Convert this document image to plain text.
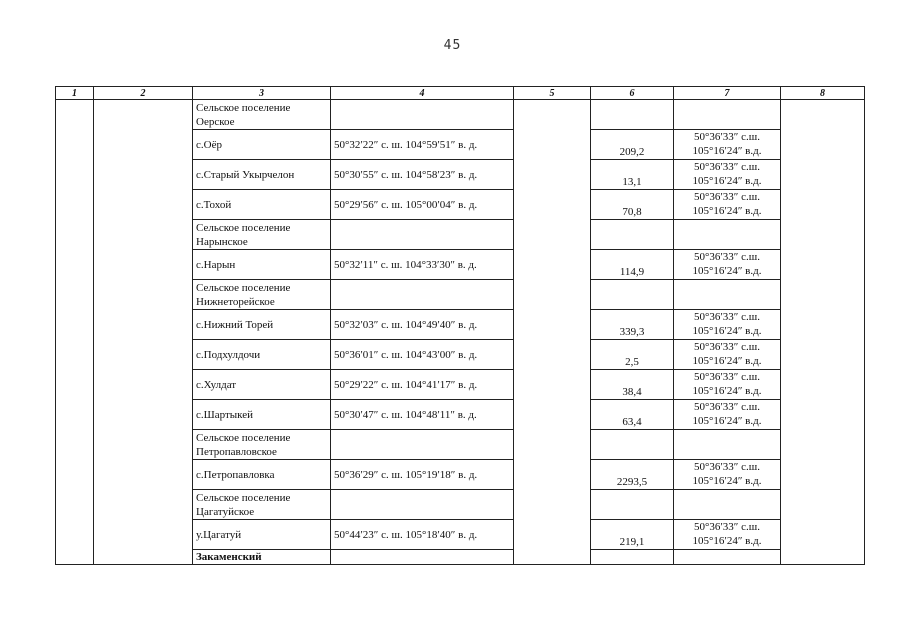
45
1	2	3	4	5	6	7	8
		Сельское поселение Оерское					
		с.Оёр	50°32′22″ с. ш. 104°59′51″ в. д.		209,2	50°36′33″ с.ш.
105°16′24″ в.д.	

		с.Старый Укырчелон	50°30′55″ с. ш. 104°58′23″ в. д.		13,1	50°36′33″ с.ш.
105°16′24″ в.д.	

		с.Тохой	50°29′56″ с. ш. 105°00′04″ в. д.		70,8	50°36′33″ с.ш.
105°16′24″ в.д.	

		Сельское поселение Нарынское					
		с.Нарын	50°32′11″ с. ш. 104°33′30″ в. д.		114,9	50°36′33″ с.ш.
105°16′24″ в.д.	

		Сельское поселение Нижнеторейское					
		с.Нижний Торей	50°32′03″ с. ш. 104°49′40″ в. д.		339,3	50°36′33″ с.ш.
105°16′24″ в.д.	

		с.Подхулдочи	50°36′01″ с. ш. 104°43′00″ в. д.		2,5	50°36′33″ с.ш.
105°16′24″ в.д.	

		с.Хулдат	50°29′22″ с. ш. 104°41′17″ в. д.		38,4	50°36′33″ с.ш.
105°16′24″ в.д.	

		с.Шартыкей	50°30′47″ с. ш. 104°48′11″ в. д.		63,4	50°36′33″ с.ш.
105°16′24″ в.д.	

		Сельское поселение Петропавловское					
		с.Петропавловка	50°36′29″ с. ш. 105°19′18″ в. д.		2293,5	50°36′33″ с.ш.
105°16′24″ в.д.	

		Сельское поселение Цагатуйское					
		у.Цагатуй	50°44′23″ с. ш. 105°18′40″ в. д.		219,1	50°36′33″ с.ш.
105°16′24″ в.д.	

		Закаменский					
